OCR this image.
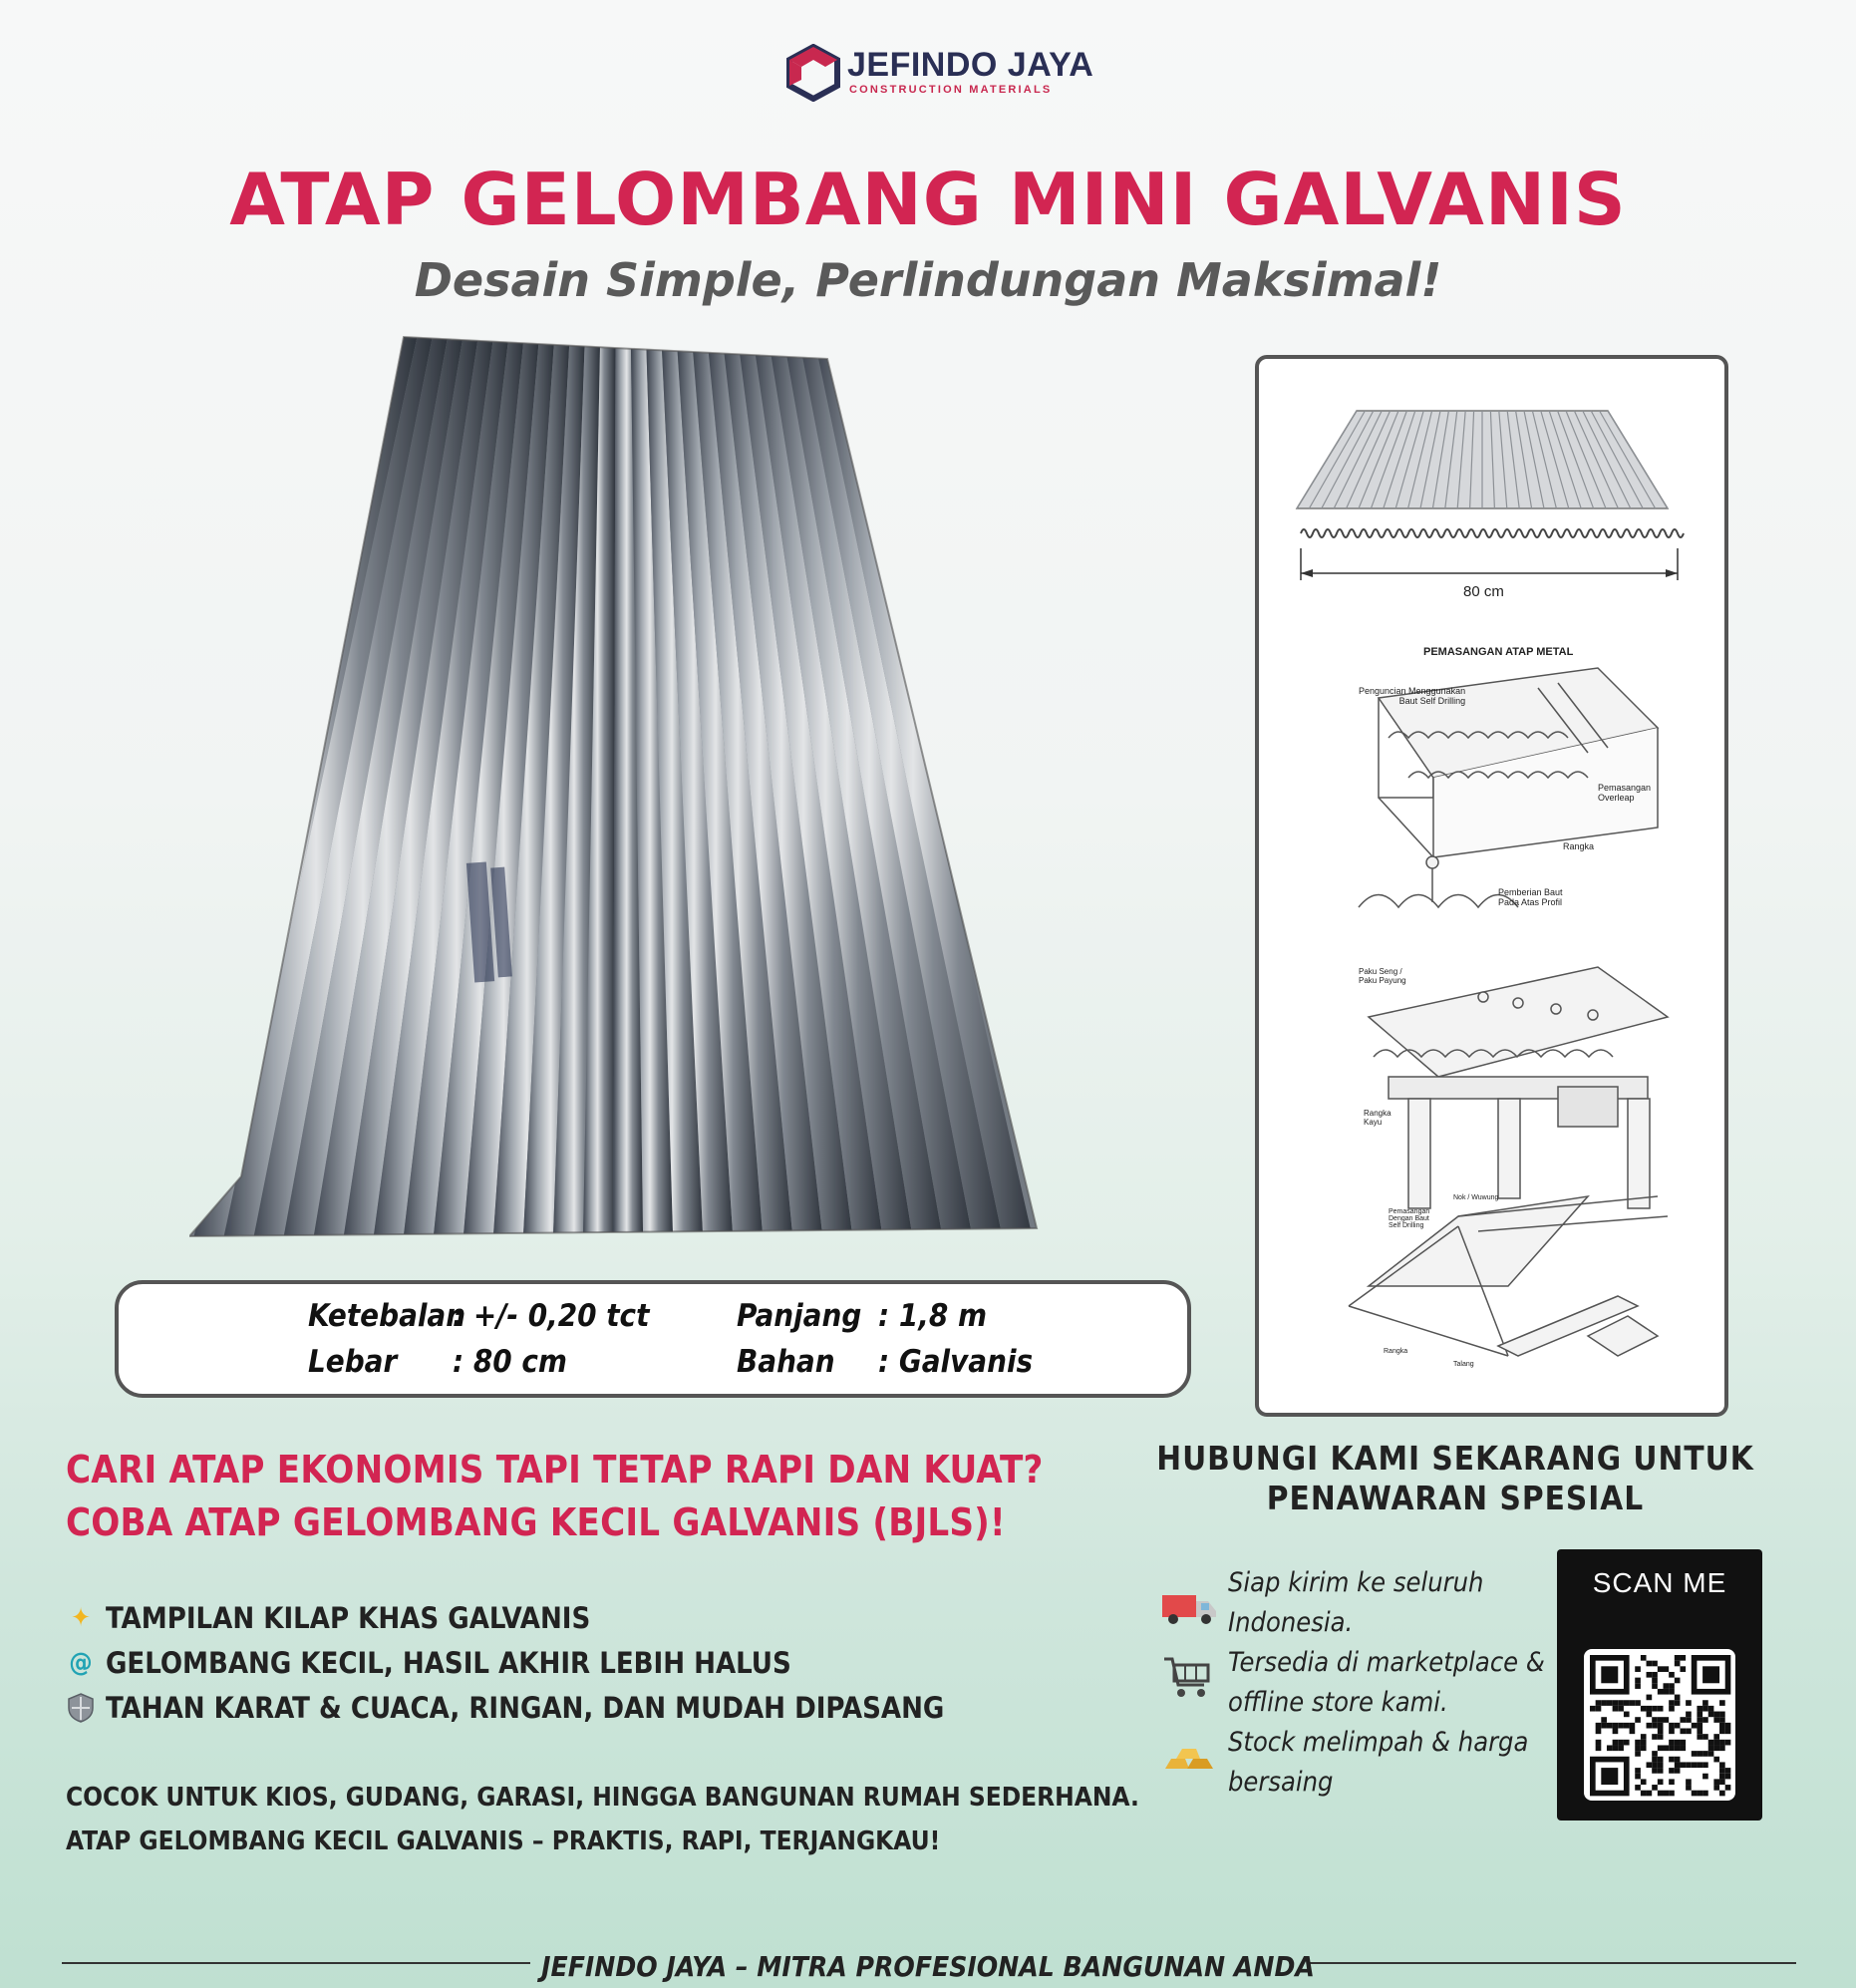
JEFINDO JAYA
CONSTRUCTION MATERIALS
ATAP GELOMBANG MINI GALVANIS
Desain Simple, Perlindungan Maksimal!
Ketebalan
: +/- 0,20 tct
Lebar : 80 cm
Panjang : 1,8 m
Bahan : Galvanis
80 cm
PEMASANGAN ATAP METAL
Penguncian Menggunakan
Baut Self Drilling
Pemasangan
Overleap
Rangka
Pemberian Baut
Pada Atas Profil
Paku Seng /
Paku Payung
Rangka
Kayu
Nok / Wuwung
Pemasangan
Dengan Baut
Self Drilling
Rangka
Talang
CARI ATAP EKONOMIS TAPI TETAP RAPI DAN KUAT?
COBA ATAP GELOMBANG KECIL GALVANIS (BJLS)!
✦ TAMPILAN KILAP KHAS GALVANIS
@ GELOMBANG KECIL, HASIL AKHIR LEBIH HALUS
TAHAN KARAT & CUACA, RINGAN, DAN MUDAH DIPASANG
COCOK UNTUK KIOS, GUDANG, GARASI, HINGGA BANGUNAN RUMAH SEDERHANA.
ATAP GELOMBANG KECIL GALVANIS – PRAKTIS, RAPI, TERJANGKAU!
HUBUNGI KAMI SEKARANG UNTUK
PENAWARAN SPESIAL
Siap kirim ke seluruh
Indonesia.
Tersedia di marketplace &
offline store kami.
Stock melimpah & harga
bersaing
SCAN ME
JEFINDO JAYA – MITRA PROFESIONAL BANGUNAN ANDA
